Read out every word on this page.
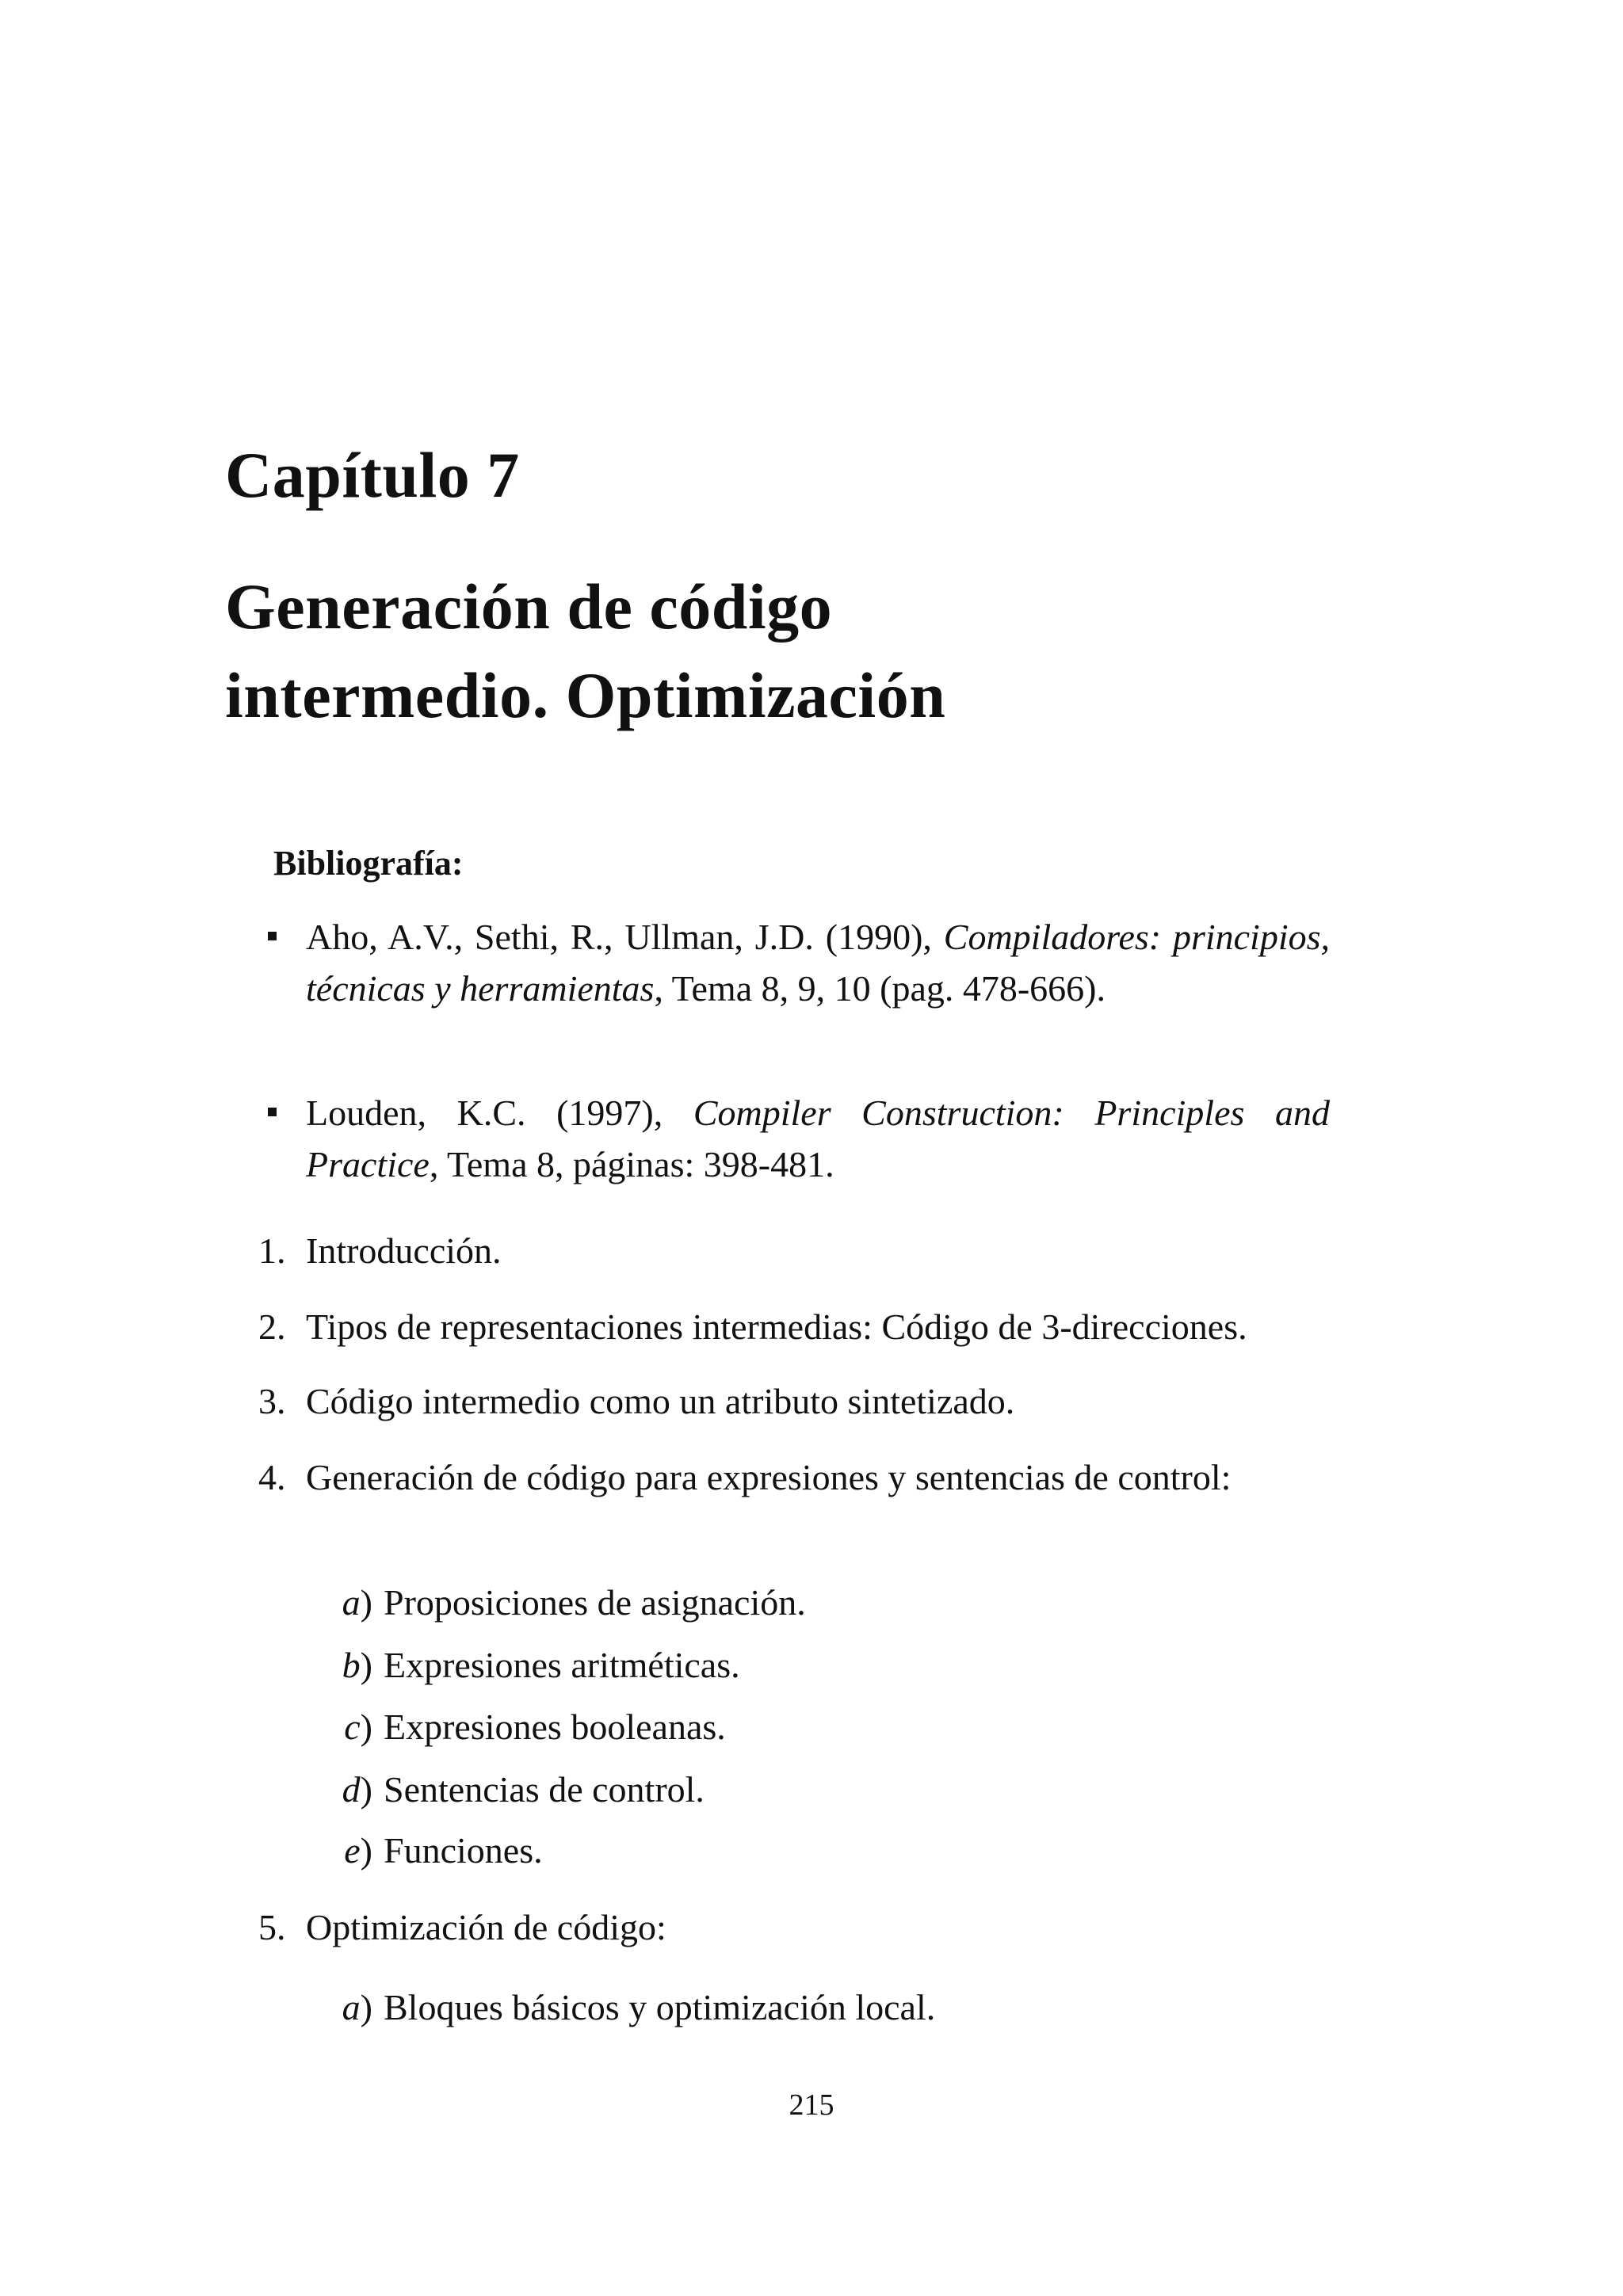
Capítulo 7
Generación de código
intermedio. Optimización
Bibliografía:
Aho, A.V., Sethi, R., Ullman, J.D. (1990), Compiladores: principios, técnicas y herramientas, Tema 8, 9, 10 (pag. 478-666).
Louden, K.C. (1997), Compiler Construction: Principles and Practice, Tema 8, páginas: 398-481.
1. Introducción.
2. Tipos de representaciones intermedias: Código de 3-direcciones.
3. Código intermedio como un atributo sintetizado.
4. Generación de código para expresiones y sentencias de control:
a) Proposiciones de asignación.
b) Expresiones aritméticas.
c) Expresiones booleanas.
d) Sentencias de control.
e) Funciones.
5. Optimización de código:
a) Bloques básicos y optimización local.
215
